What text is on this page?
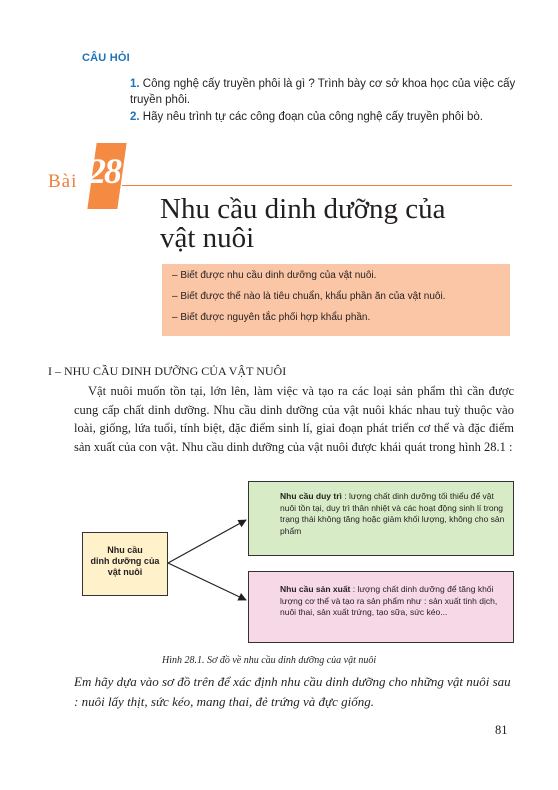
CÂU HỎI
1. Công nghệ cấy truyền phôi là gì ? Trình bày cơ sở khoa học của việc cấy truyền phôi.
2. Hãy nêu trình tự các công đoạn của công nghệ cấy truyền phôi bò.
Bài 28
Nhu cầu dinh dưỡng của
vật nuôi
– Biết được nhu cầu dinh dưỡng của vật nuôi.
– Biết được thế nào là tiêu chuẩn, khẩu phần ăn của vật nuôi.
– Biết được nguyên tắc phối hợp khẩu phần.
I – NHU CẦU DINH DƯỠNG CỦA VẬT NUÔI
Vật nuôi muốn tồn tại, lớn lên, làm việc và tạo ra các loại sản phẩm thì cần được cung cấp chất dinh dưỡng. Nhu cầu dinh dưỡng của vật nuôi khác nhau tuỳ thuộc vào loài, giống, lứa tuổi, tính biệt, đặc điểm sinh lí, giai đoạn phát triển cơ thể và đặc điểm sản xuất của con vật. Nhu cầu dinh dưỡng của vật nuôi được khái quát trong hình 28.1 :
Nhu cầu
dinh dưỡng của
vật nuôi
Nhu cầu duy trì : lượng chất dinh dưỡng tối thiểu để vật nuôi tồn tại, duy trì thân nhiệt và các hoạt động sinh lí trong trạng thái không tăng hoặc giảm khối lượng, không cho sản phẩm
Nhu cầu sản xuất : lượng chất dinh dưỡng để tăng khối lượng cơ thể và tạo ra sản phẩm như : sản xuất tinh dịch, nuôi thai, sản xuất trứng, tạo sữa, sức kéo...
Hình 28.1. Sơ đồ về nhu cầu dinh dưỡng của vật nuôi
Em hãy dựa vào sơ đồ trên để xác định nhu cầu dinh dưỡng cho những vật nuôi sau : nuôi lấy thịt, sức kéo, mang thai, đẻ trứng và đực giống.
81
